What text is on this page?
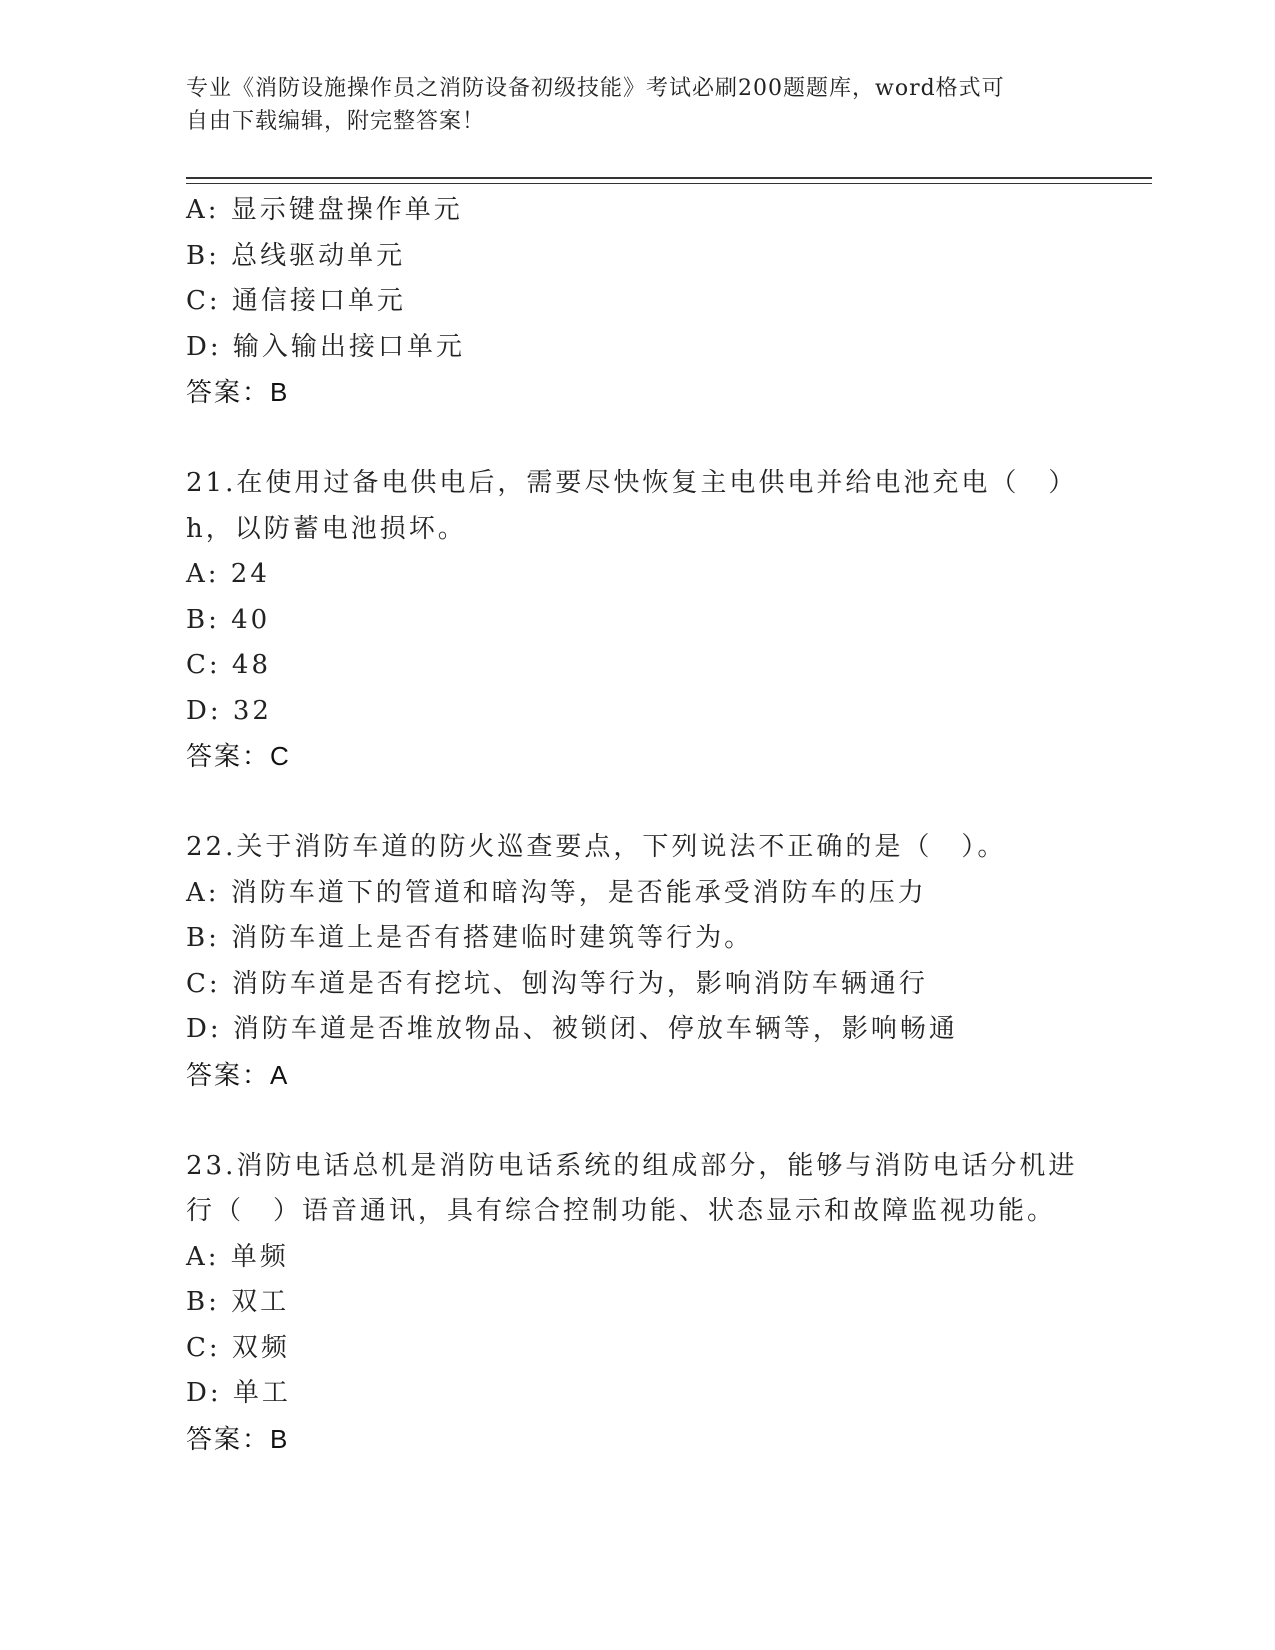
专业《消防设施操作员之消防设备初级技能》考试必刷200题题库，word格式可
自由下载编辑，附完整答案！
A: 显示键盘操作单元
B: 总线驱动单元
C: 通信接口单元
D: 输入输出接口单元
答案：B
21.在使用过备电供电后，需要尽快恢复主电供电并给电池充电（　）
h，以防蓄电池损坏。
A: 24
B: 40
C: 48
D: 32
答案：C
22.关于消防车道的防火巡查要点，下列说法不正确的是（　）。
A: 消防车道下的管道和暗沟等，是否能承受消防车的压力
B: 消防车道上是否有搭建临时建筑等行为。
C: 消防车道是否有挖坑、刨沟等行为，影响消防车辆通行
D: 消防车道是否堆放物品、被锁闭、停放车辆等，影响畅通
答案：A
23.消防电话总机是消防电话系统的组成部分，能够与消防电话分机进
行（　）语音通讯，具有综合控制功能、状态显示和故障监视功能。
A: 单频
B: 双工
C: 双频
D: 单工
答案：B
